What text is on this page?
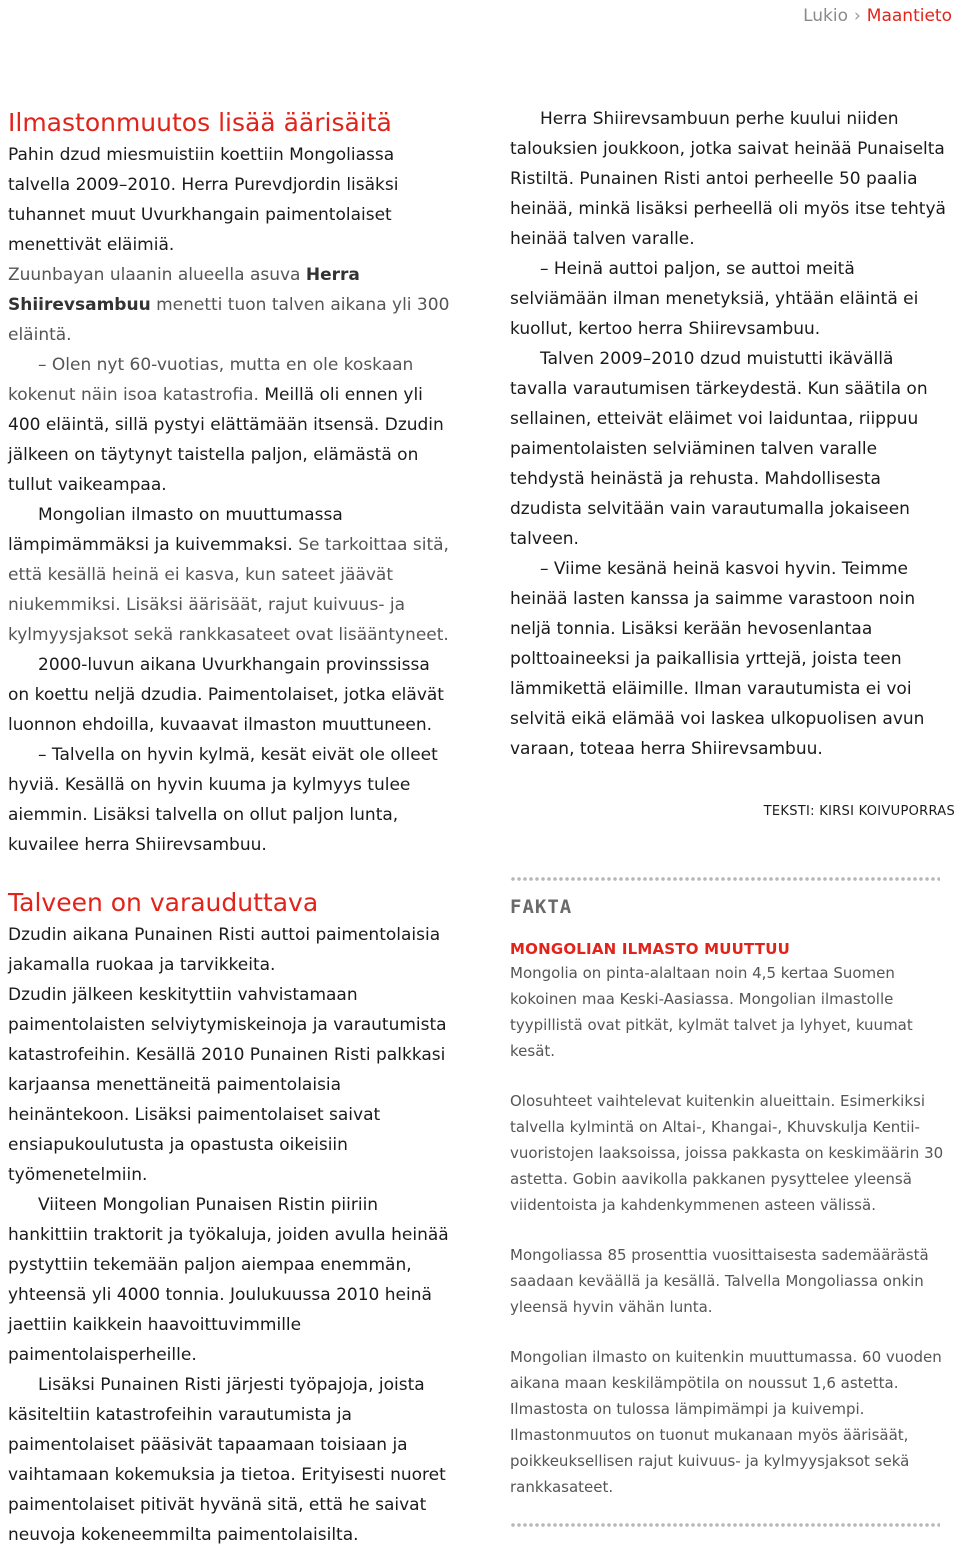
Lukio › Maantieto
Ilmastonmuutos lisää äärisäitä

Pahin dzud miesmuistiin koettiin Mongoliassa talvella 2009–2010. Herra Purevdjordin lisäksi tuhannet muut Uvurkhangain paimentolaiset menettivät eläimiä.

Zuunbayan ulaanin alueella asuva Herra Shiirevsambuu menetti tuon talven aikana yli 300 eläintä.

– Olen nyt 60-vuotias, mutta en ole koskaan kokenut näin isoa katastrofia. Meillä oli ennen yli 400 eläintä, sillä pystyi elättämään itsensä. Dzudin jälkeen on täytynyt taistella paljon, elämästä on tullut vaikeampaa.

Mongolian ilmasto on muuttumassa lämpimämmäksi ja kuivemmaksi. Se tarkoittaa sitä, että kesällä heinä ei kasva, kun sateet jäävät niukemmiksi. Lisäksi äärisäät, rajut kuivuus- ja kylmyysjaksot sekä rankkasateet ovat lisääntyneet.

2000-luvun aikana Uvurkhangain provinssissa on koettu neljä dzudia. Paimentolaiset, jotka elävät luonnon ehdoilla, kuvaavat ilmaston muuttuneen.

– Talvella on hyvin kylmä, kesät eivät ole olleet hyviä. Kesällä on hyvin kuuma ja kylmyys tulee aiemmin. Lisäksi talvella on ollut paljon lunta, kuvailee herra Shiirevsambuu.

Talveen on varauduttava

Dzudin aikana Punainen Risti auttoi paimentolaisia jakamalla ruokaa ja tarvikkeita.

Dzudin jälkeen keskityttiin vahvistamaan paimentolaisten selviytymiskeinoja ja varautumista katastrofeihin. Kesällä 2010 Punainen Risti palkkasi karjaansa menettäneitä paimentolaisia heinäntekoon. Lisäksi paimentolaiset saivat ensiapukoulutusta ja opastusta oikeisiin työmenetelmiin.

Viiteen Mongolian Punaisen Ristin piiriin hankittiin traktorit ja työkaluja, joiden avulla heinää pystyttiin tekemään paljon aiempaa enemmän, yhteensä yli 4000 tonnia. Joulukuussa 2010 heinä jaettiin kaikkein haavoittuvimmille paimentolaisperheille.

Lisäksi Punainen Risti järjesti työpajoja, joista käsiteltiin katastrofeihin varautumista ja paimentolaiset pääsivät tapaamaan toisiaan ja vaihtamaan kokemuksia ja tietoa. Erityisesti nuoret paimentolaiset pitivät hyvänä sitä, että he saivat neuvoja kokeneemmilta paimentolaisilta.

Herra Shiirevsambuun perhe kuului niiden talouksien joukkoon, jotka saivat heinää Punaiselta Ristiltä. Punainen Risti antoi perheelle 50 paalia heinää, minkä lisäksi perheellä oli myös itse tehtyä heinää talven varalle.

– Heinä auttoi paljon, se auttoi meitä selviämään ilman menetyksiä, yhtään eläintä ei kuollut, kertoo herra Shiirevsambuu.

Talven 2009–2010 dzud muistutti ikävällä tavalla varautumisen tärkeydestä. Kun säätila on sellainen, etteivät eläimet voi laiduntaa, riippuu paimentolaisten selviäminen talven varalle tehdystä heinästä ja rehusta. Mahdollisesta dzudista selvitään vain varautumalla jokaiseen talveen.

– Viime kesänä heinä kasvoi hyvin. Teimme heinää lasten kanssa ja saimme varastoon noin neljä tonnia. Lisäksi kerään hevosenlantaa polttoaineeksi ja paikallisia yrttejä, joista teen lämmikettä eläimille. Ilman varautumista ei voi selvitä eikä elämää voi laskea ulkopuolisen avun varaan, toteaa herra Shiirevsambuu.

TEKSTI: KIRSI KOIVUPORRAS
FAKTA
MONGOLIAN ILMASTO MUUTTUU

Mongolia on pinta-alaltaan noin 4,5 kertaa Suomen kokoinen maa Keski-Aasiassa. Mongolian ilmastolle tyypillistä ovat pitkät, kylmät talvet ja lyhyet, kuumat kesät.

Olosuhteet vaihtelevat kuitenkin alueittain. Esimerkiksi talvella kylmintä on Altai-, Khangai-, Khuvskulja Kentii-vuoristojen laaksoissa, joissa pakkasta on keskimäärin 30 astetta. Gobin aavikolla pakkanen pysyttelee yleensä viidentoista ja kahdenkymmenen asteen välissä.

Mongoliassa 85 prosenttia vuosittaisesta sademäärästä saadaan keväällä ja kesällä. Talvella Mongoliassa onkin yleensä hyvin vähän lunta.

Mongolian ilmasto on kuitenkin muuttumassa. 60 vuoden aikana maan keskilämpötila on noussut 1,6 astetta. Ilmastosta on tulossa lämpimämpi ja kuivempi. Ilmastonmuutos on tuonut mukanaan myös äärisäät, poikkeuksellisen rajut kuivuus- ja kylmyysjaksot sekä rankkasateet.
